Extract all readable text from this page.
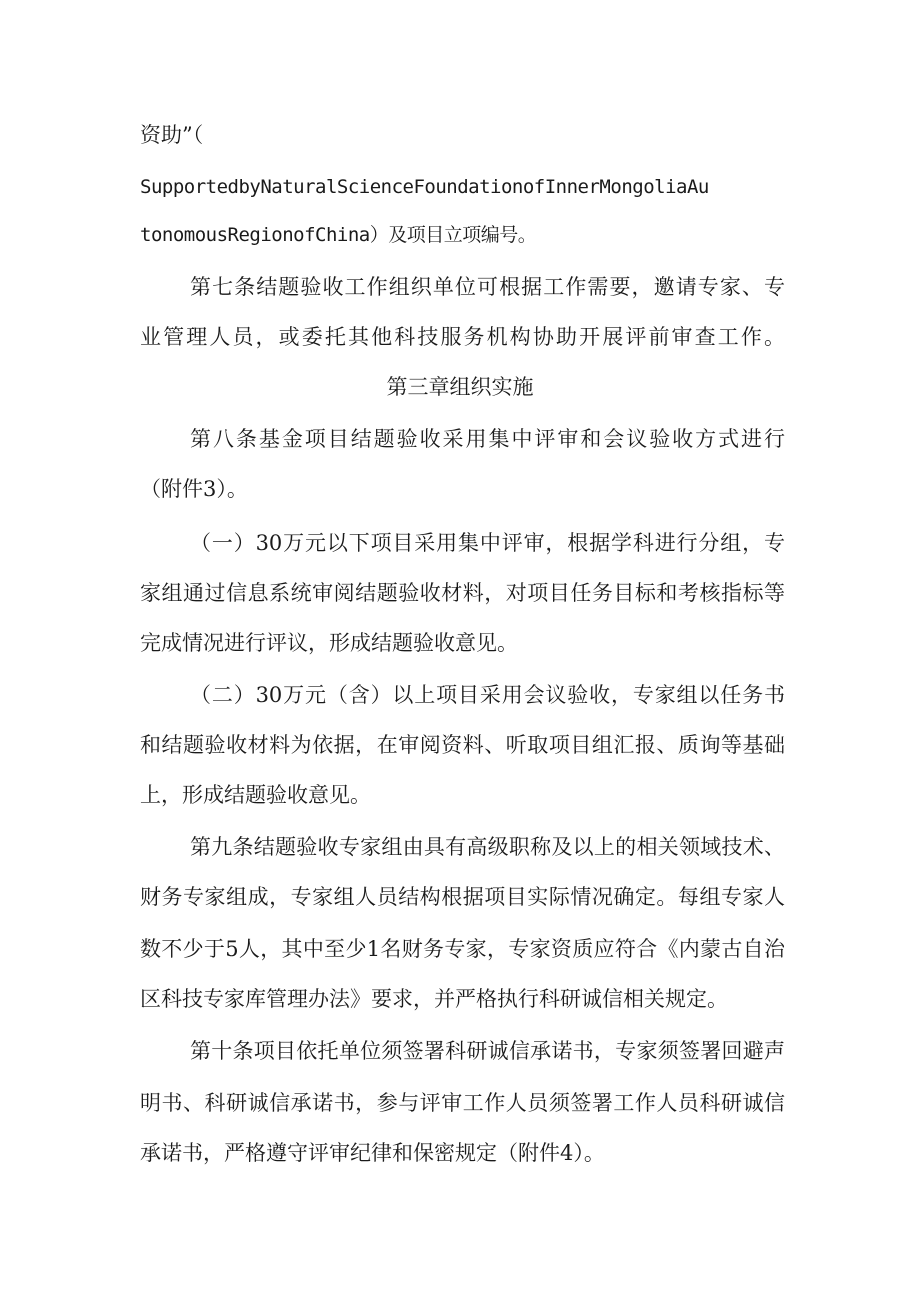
资助”（
SupportedbyNaturalScienceFoundationofInnerMongoliaAu
tonomousRegionofChina）及项目立项编号。
第七条结题验收工作组织单位可根据工作需要，邀请专家、专
业管理人员，或委托其他科技服务机构协助开展评前审查工作。
第三章组织实施
第八条基金项目结题验收采用集中评审和会议验收方式进行
（附件3）。
（一）30万元以下项目采用集中评审，根据学科进行分组，专
家组通过信息系统审阅结题验收材料，对项目任务目标和考核指标等
完成情况进行评议，形成结题验收意见。
（二）30万元（含）以上项目采用会议验收，专家组以任务书
和结题验收材料为依据，在审阅资料、听取项目组汇报、质询等基础
上，形成结题验收意见。
第九条结题验收专家组由具有高级职称及以上的相关领域技术、
财务专家组成，专家组人员结构根据项目实际情况确定。每组专家人
数不少于5人，其中至少1名财务专家，专家资质应符合《内蒙古自治
区科技专家库管理办法》要求，并严格执行科研诚信相关规定。
第十条项目依托单位须签署科研诚信承诺书，专家须签署回避声
明书、科研诚信承诺书，参与评审工作人员须签署工作人员科研诚信
承诺书，严格遵守评审纪律和保密规定（附件4）。
